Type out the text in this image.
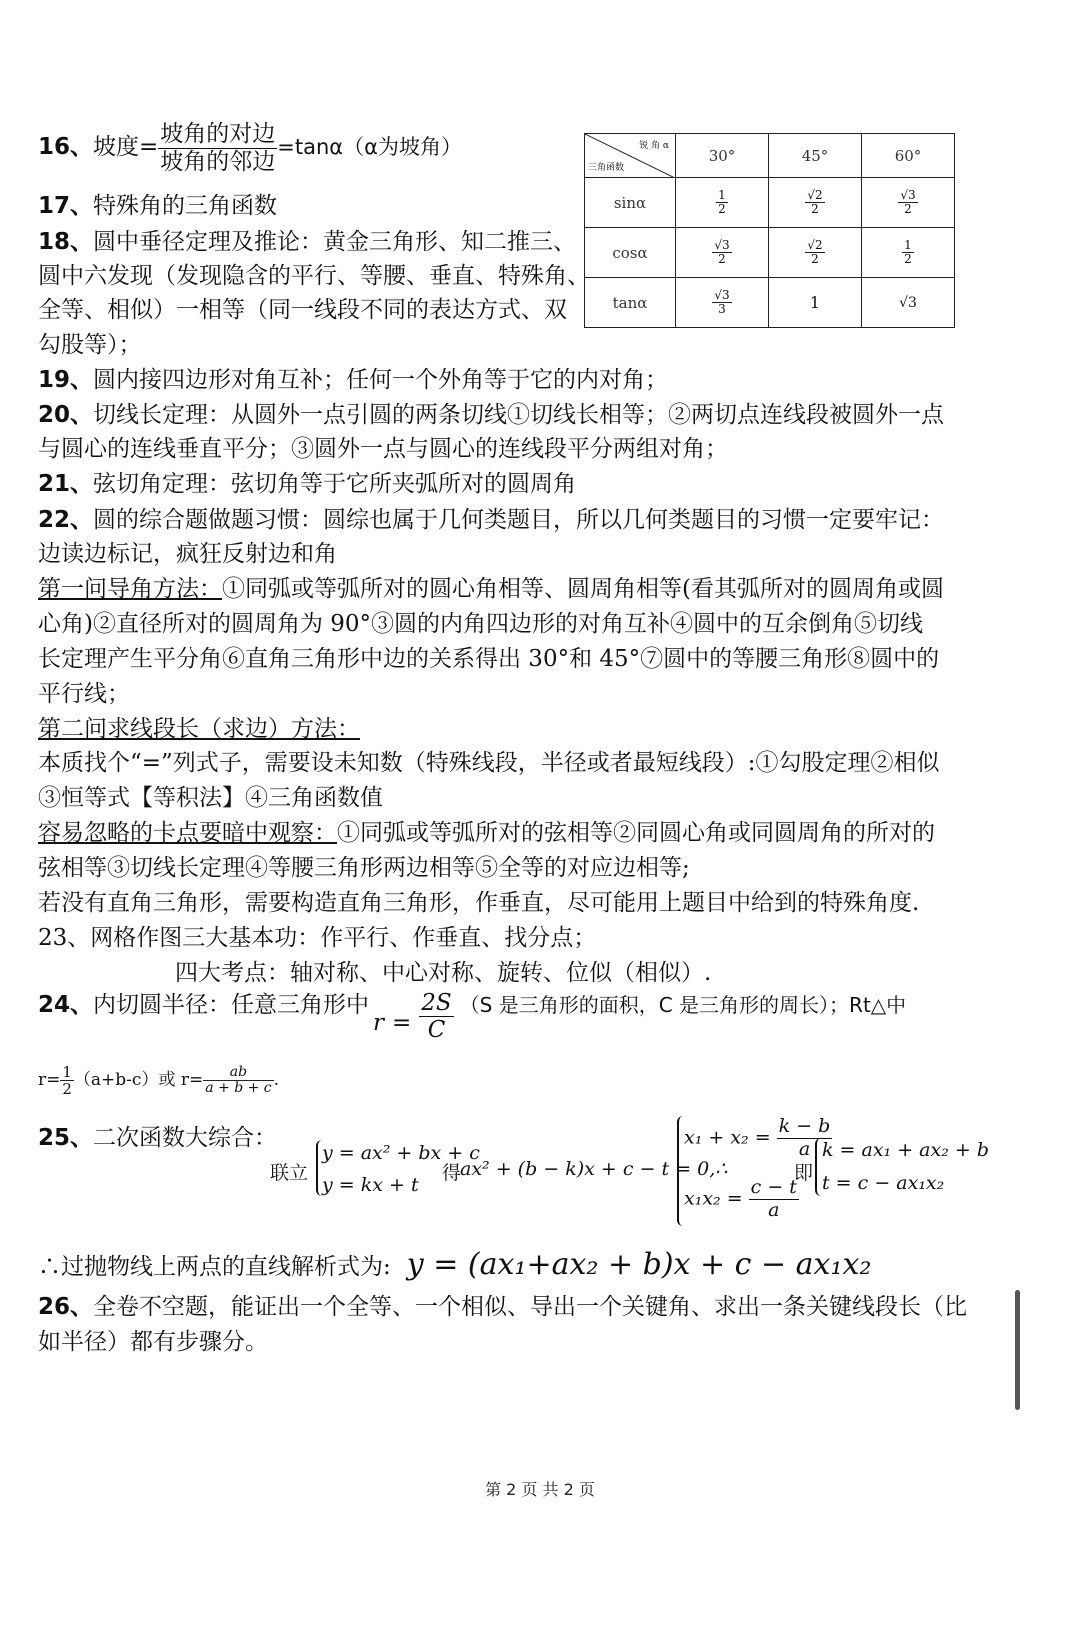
16、坡度= $\frac{\text{坡角的对边}}{\text{坡角的邻边}} =\tan\alpha(\alpha$为坡角）	锐 角 α
三角函数	30°	45°	60°
sinα	$\frac{1}{2}$	$\frac{√2}{2}$	$\frac{√3}{2}$

cosα	$\frac{√3}{2}$	$\frac{√2}{2}$	$\frac{1}{2}$

tanα	$\frac{√3}{3}$	1	√3
17、特殊角的三角函数
18、圆中垂径定理及推论：黄金三角形、知二推三、
圆中六发现（发现隐含的平行、等腰、垂直、特殊角、
全等、相似）一相等（同一线段不同的表达方式、双
勾股等）；
19、圆内接四边形对角互补；任何一个外角等于它的内对角；
20、切线长定理：从圆外一点引圆的两条切线①切线长相等；②两切点连线段被圆外一点
与圆心的连线垂直平分；③圆外一点与圆心的连线段平分两组对角；
21、弦切角定理：弦切角等于它所夹弧所对的圆周角
22、圆的综合题做题习惯：圆综也属于几何类题目，所以几何类题目的习惯一定要牢记：
边读边标记，疯狂反射边和角
第一问导角方法：①同弧或等弧所对的圆心角相等、圆周角相等(看其弧所对的圆周角或圆
心角)②直径所对的圆周角为 90°③圆的内角四边形的对角互补④圆中的互余倒角⑤切线
长定理产生平分角⑥直角三角形中边的关系得出 30°和 45°⑦圆中的等腰三角形⑧圆中的
平行线；
第二问求线段长（求边）方法：
本质找个“=”列式子，需要设未知数（特殊线段，半径或者最短线段）:①勾股定理②相似
③恒等式【等积法】④三角函数值
容易忽略的卡点要暗中观察：①同弧或等弧所对的弦相等②同圆心角或同圆周角的所对的
弦相等③切线长定理④等腰三角形两边相等⑤全等的对应边相等;
若没有直角三角形，需要构造直角三角形，作垂直，尽可能用上题目中给到的特殊角度.
23、网格作图三大基本功：作平行、作垂直、找分点；
四大考点：轴对称、中心对称、旋转、位似（相似）.
24、内切圆半径：任意三角形中$r = \frac{2S}{C} (S$ 是三角形的面积，C 是三角形的周长）；Rt△中
$r= \frac{1}{2} (a+b-c)$或 $r= \frac{ab}{a + b + c}$ .
25、二次函数大综合：
联立
y = ax² + bx + c
y = kx + t
得
ax² + (b − k)x + c − t = 0,∴
$x_1 + x_2 = \frac{k - b}{a}$
$x_1x_2 = \frac{c - t}{a}$
即
k = ax₁ + ax₂ + b
t = c − ax₁x₂
∴过抛物线上两点的直线解析式为: y = (ax₁+ax₂ + b)x + c − ax₁x₂
26、全卷不空题，能证出一个全等、一个相似、导出一个关键角、求出一条关键线段长（比
如半径）都有步骤分。
第 2 页 共 2 页
